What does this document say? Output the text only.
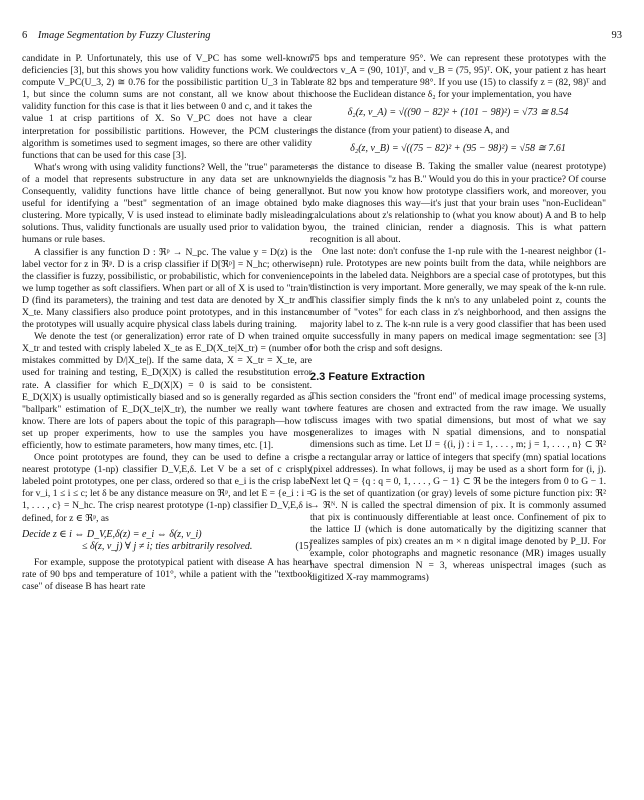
6 Image Segmentation by Fuzzy Clustering	93

candidate in P. Unfortunately, this use of V_PC has some well-known deficiencies [3], but this shows you how validity functions work. We could compute V_PC(U_3, 2) ≅ 0.76 for the possibilistic partition U_3 in Table 1, but since the column sums are not constant, all we know about this validity function for this case is that it lies between 0 and c, and it takes the value 1 at crisp partitions of X. So V_PC does not have a clear interpretation for possibilistic partitions. However, the PCM clustering algorithm is sometimes used to segment images, so there are other validity functions that can be used for this case [3].

What's wrong with using validity functions? Well, the "true" parameters of a model that represents substructure in any data set are unknown. Consequently, validity functions have little chance of being generally useful for identifying a "best" segmentation of an image obtained by clustering. More typically, V is used instead to eliminate badly misleading solutions. Thus, validity functionals are usually used prior to validation by humans or rule bases.

A classifier is any function D : ℜᵖ → N_pc. The value y = D(z) is the label vector for z in ℜᵖ. D is a crisp classifier if D[ℜᵖ] = N_hc; otherwise, the classifier is fuzzy, possibilistic, or probabilistic, which for convenience, we lump together as soft classifiers. When part or all of X is used to "train" D (find its parameters), the training and test data are denoted by X_tr and X_te. Many classifiers also produce point prototypes, and in this instance the prototypes will usually acquire physical class labels during training.

We denote the test (or generalization) error rate of D when trained on X_tr and tested with crisply labeled X_te as E_D(X_te|X_tr) = (number of mistakes committed by D/|X_te|). If the same data, X = X_tr = X_te, are used for training and testing, E_D(X|X) is called the resubstitution error rate. A classifier for which E_D(X|X) = 0 is said to be consistent. E_D(X|X) is usually optimistically biased and so is generally regarded as a "ballpark" estimation of E_D(X_te|X_tr), the number we really want to know. There are lots of papers about the topic of this paragraph—how to set up proper experiments, how to use the samples you have most efficiently, how to estimate parameters, how many times, etc. [1].

Once point prototypes are found, they can be used to define a crisp nearest prototype (1-np) classifier D_V,E,δ. Let V be a set of c crisply labeled point prototypes, one per class, ordered so that e_i is the crisp label for v_i, 1 ≤ i ≤ c; let δ be any distance measure on ℜᵖ, and let E = {e_i : i = 1, . . . , c} = N_hc. The crisp nearest prototype (1-np) classifier D_V,E,δ is defined, for z ∈ ℜᵖ, as

Decide z ∈ i ⇔ D_V,E,δ(z) = e_i ⇔ δ(z, v_i)
≤ δ(z, v_j) ∀ j ≠ i; ties arbitrarily resolved.	(15)

For example, suppose the prototypical patient with disease A has heart rate of 90 bps and temperature of 101°, while a patient with the "textbook case" of disease B has heart rate

75 bps and temperature 95°. We can represent these prototypes with the vectors v_A = (90, 101)ᵀ, and v_B = (75, 95)ᵀ. OK, your patient z has heart rate 82 bps and temperature 98°. If you use (15) to classify z = (82, 98)ᵀ and choose the Euclidean distance δ₂ for your implementation, you have

δ₂(z, v_A) = √((90 − 82)² + (101 − 98)²) = √73 ≅ 8.54

as the distance (from your patient) to disease A, and

δ₂(z, v_B) = √((75 − 82)² + (95 − 98)²) = √58 ≅ 7.61

as the distance to disease B. Taking the smaller value (nearest prototype) yields the diagnosis "z has B." Would you do this in your practice? Of course not. But now you know how prototype classifiers work, and moreover, you do make diagnoses this way—it's just that your brain uses "non-Euclidean" calculations about z's relationship to (what you know about) A and B to help you, the trained clinician, render a diagnosis. This is what pattern recognition is all about.

One last note: don't confuse the 1-np rule with the 1-nearest neighbor (1-nn) rule. Prototypes are new points built from the data, while neighbors are points in the labeled data. Neighbors are a special case of prototypes, but this distinction is very important. More generally, we may speak of the k-nn rule. This classifier simply finds the k nn's to any unlabeled point z, counts the number of "votes" for each class in z's neighborhood, and then assigns the majority label to z. The k-nn rule is a very good classifier that has been used quite successfully in many papers on medical image segmentation: see [3] for both the crisp and soft designs.

2.3 Feature Extraction

This section considers the "front end" of medical image processing systems, where features are chosen and extracted from the raw image. We usually discuss images with two spatial dimensions, but most of what we say generalizes to images with N spatial dimensions, and to nonspatial dimensions such as time. Let IJ = {(i, j) : i = 1, . . . , m; j = 1, . . . , n} ⊂ ℜ² be a rectangular array or lattice of integers that specify (mn) spatial locations (pixel addresses). In what follows, ij may be used as a short form for (i, j). Next let Q = {q : q = 0, 1, . . . , G − 1} ⊂ ℜ be the integers from 0 to G − 1. G is the set of quantization (or gray) levels of some picture function pix: ℜ² → ℜᴺ. N is called the spectral dimension of pix. It is commonly assumed that pix is continuously differentiable at least once. Confinement of pix to the lattice IJ (which is done automatically by the digitizing scanner that realizes samples of pix) creates an m × n digital image denoted by P_IJ. For example, color photographs and magnetic resonance (MR) images usually have spectral dimension N = 3, whereas unispectral images (such as digitized X-ray mammograms)
